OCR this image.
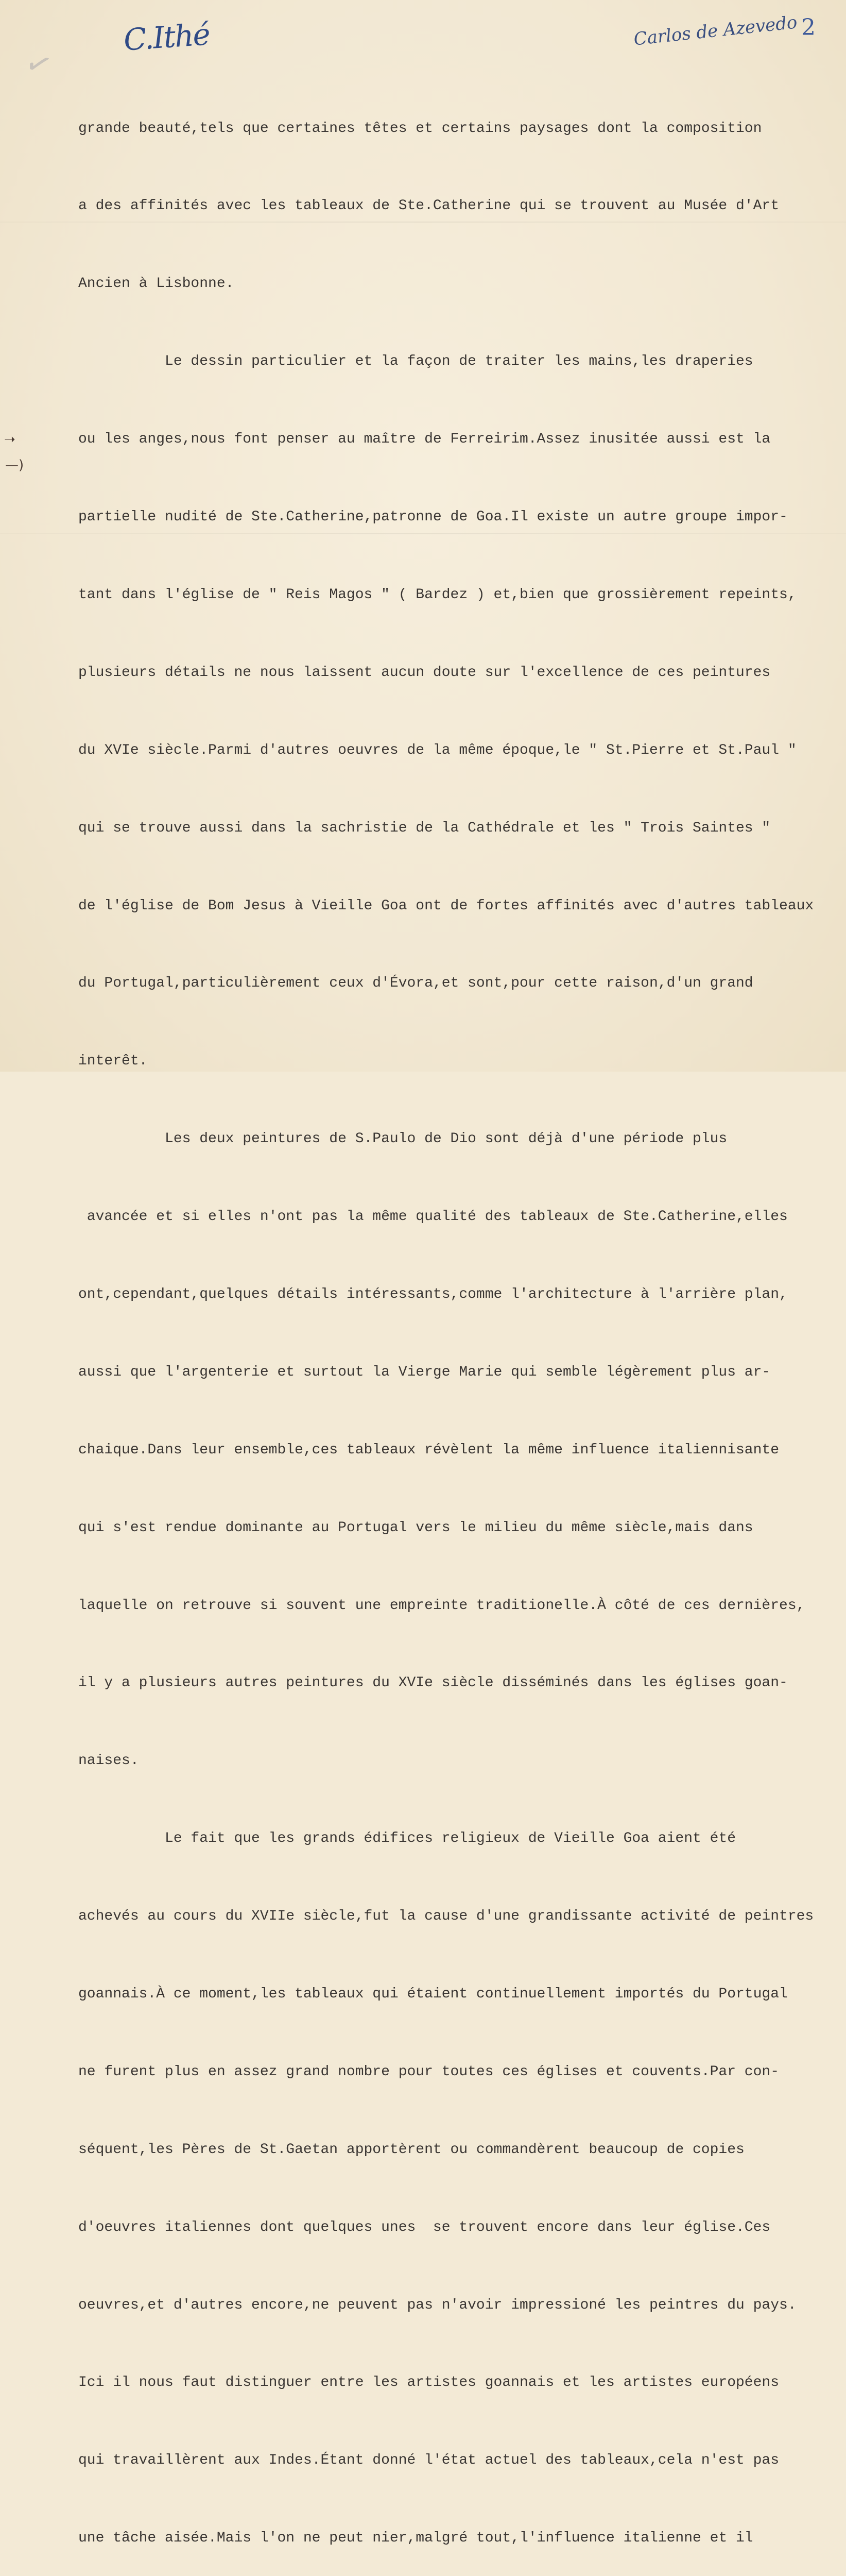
C.Ithé	Carlos de Azevedo 2
✓
➝
—)

grande beauté,tels que certaines têtes et certains paysages dont la composition

a des affinités avec les tableaux de Ste.Catherine qui se trouvent au Musée d'Art

Ancien à Lisbonne.

Le dessin particulier et la façon de traiter les mains,les draperies

ou les anges,nous font penser au maître de Ferreirim.Assez inusitée aussi est la

partielle nudité de Ste.Catherine,patronne de Goa.Il existe un autre groupe impor-

tant dans l'église de " Reis Magos " ( Bardez ) et,bien que grossièrement repeints,

plusieurs détails ne nous laissent aucun doute sur l'excellence de ces peintures

du XVIe siècle.Parmi d'autres oeuvres de la même époque,le " St.Pierre et St.Paul "

qui se trouve aussi dans la sachristie de la Cathédrale et les " Trois Saintes "

de l'église de Bom Jesus à Vieille Goa ont de fortes affinités avec d'autres tableaux

du Portugal,particulièrement ceux d'Évora,et sont,pour cette raison,d'un grand

interêt.

Les deux peintures de S.Paulo de Dio sont déjà d'une période plus

avancée et si elles n'ont pas la même qualité des tableaux de Ste.Catherine,elles

ont,cependant,quelques détails intéressants,comme l'architecture à l'arrière plan,

aussi que l'argenterie et surtout la Vierge Marie qui semble légèrement plus ar-

chaique.Dans leur ensemble,ces tableaux révèlent la même influence italiennisante

qui s'est rendue dominante au Portugal vers le milieu du même siècle,mais dans

laquelle on retrouve si souvent une empreinte traditionelle.À côté de ces dernières,

il y a plusieurs autres peintures du XVIe siècle disséminés dans les églises goan-

naises.

Le fait que les grands édifices religieux de Vieille Goa aient été

achevés au cours du XVIIe siècle,fut la cause d'une grandissante activité de peintres

goannais.À ce moment,les tableaux qui étaient continuellement importés du Portugal

ne furent plus en assez grand nombre pour toutes ces églises et couvents.Par con-

séquent,les Pères de St.Gaetan apportèrent ou commandèrent beaucoup de copies

d'oeuvres italiennes dont quelques unes  se trouvent encore dans leur église.Ces

oeuvres,et d'autres encore,ne peuvent pas n'avoir impressioné les peintres du pays.

Ici il nous faut distinguer entre les artistes goannais et les artistes européens

qui travaillèrent aux Indes.Étant donné l'état actuel des tableaux,cela n'est pas

une tâche aisée.Mais l'on ne peut nier,malgré tout,l'influence italienne et il
